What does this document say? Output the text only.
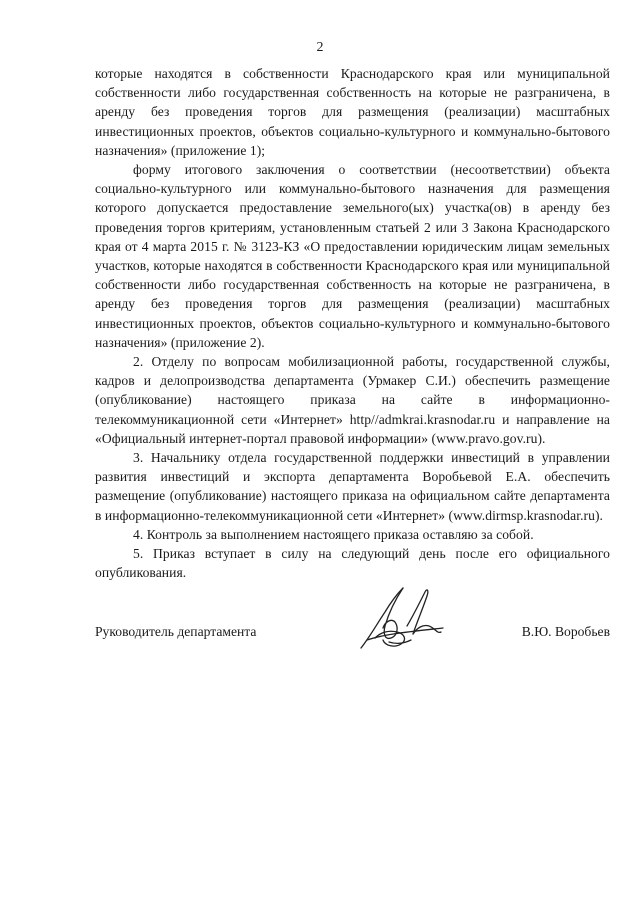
2

которые находятся в собственности Краснодарского края или муниципальной собственности либо государственная собственность на которые не разграничена, в аренду без проведения торгов для размещения (реализации) масштабных инвестиционных проектов, объектов социально-культурного и коммунально-бытового назначения» (приложение 1);

форму итогового заключения о соответствии (несоответствии) объекта социально-культурного или коммунально-бытового назначения для размещения которого допускается предоставление земельного(ых) участка(ов) в аренду без проведения торгов критериям, установленным статьей 2 или 3 Закона Краснодарского края от 4 марта 2015 г. № 3123-КЗ «О предоставлении юридическим лицам земельных участков, которые находятся в собственности Краснодарского края или муниципальной собственности либо государственная собственность на которые не разграничена, в аренду без проведения торгов для размещения (реализации) масштабных инвестиционных проектов, объектов социально-культурного и коммунально-бытового назначения» (приложение 2).

2. Отделу по вопросам мобилизационной работы, государственной службы, кадров и делопроизводства департамента (Урмакер С.И.) обеспечить размещение (опубликование) настоящего приказа на сайте в информационно-телекоммуникационной сети «Интернет» http//admkrai.krasnodar.ru и направление на «Официальный интернет-портал правовой информации» (www.pravo.gov.ru).

3. Начальнику отдела государственной поддержки инвестиций в управлении развития инвестиций и экспорта департамента Воробьевой Е.А. обеспечить размещение (опубликование) настоящего приказа на официальном сайте департамента в информационно-телекоммуникационной сети «Интернет» (www.dirmsp.krasnodar.ru).

4. Контроль за выполнением настоящего приказа оставляю за собой.

5. Приказ вступает в силу на следующий день после его официального опубликования.

Руководитель департамента	В.Ю. Воробьев
